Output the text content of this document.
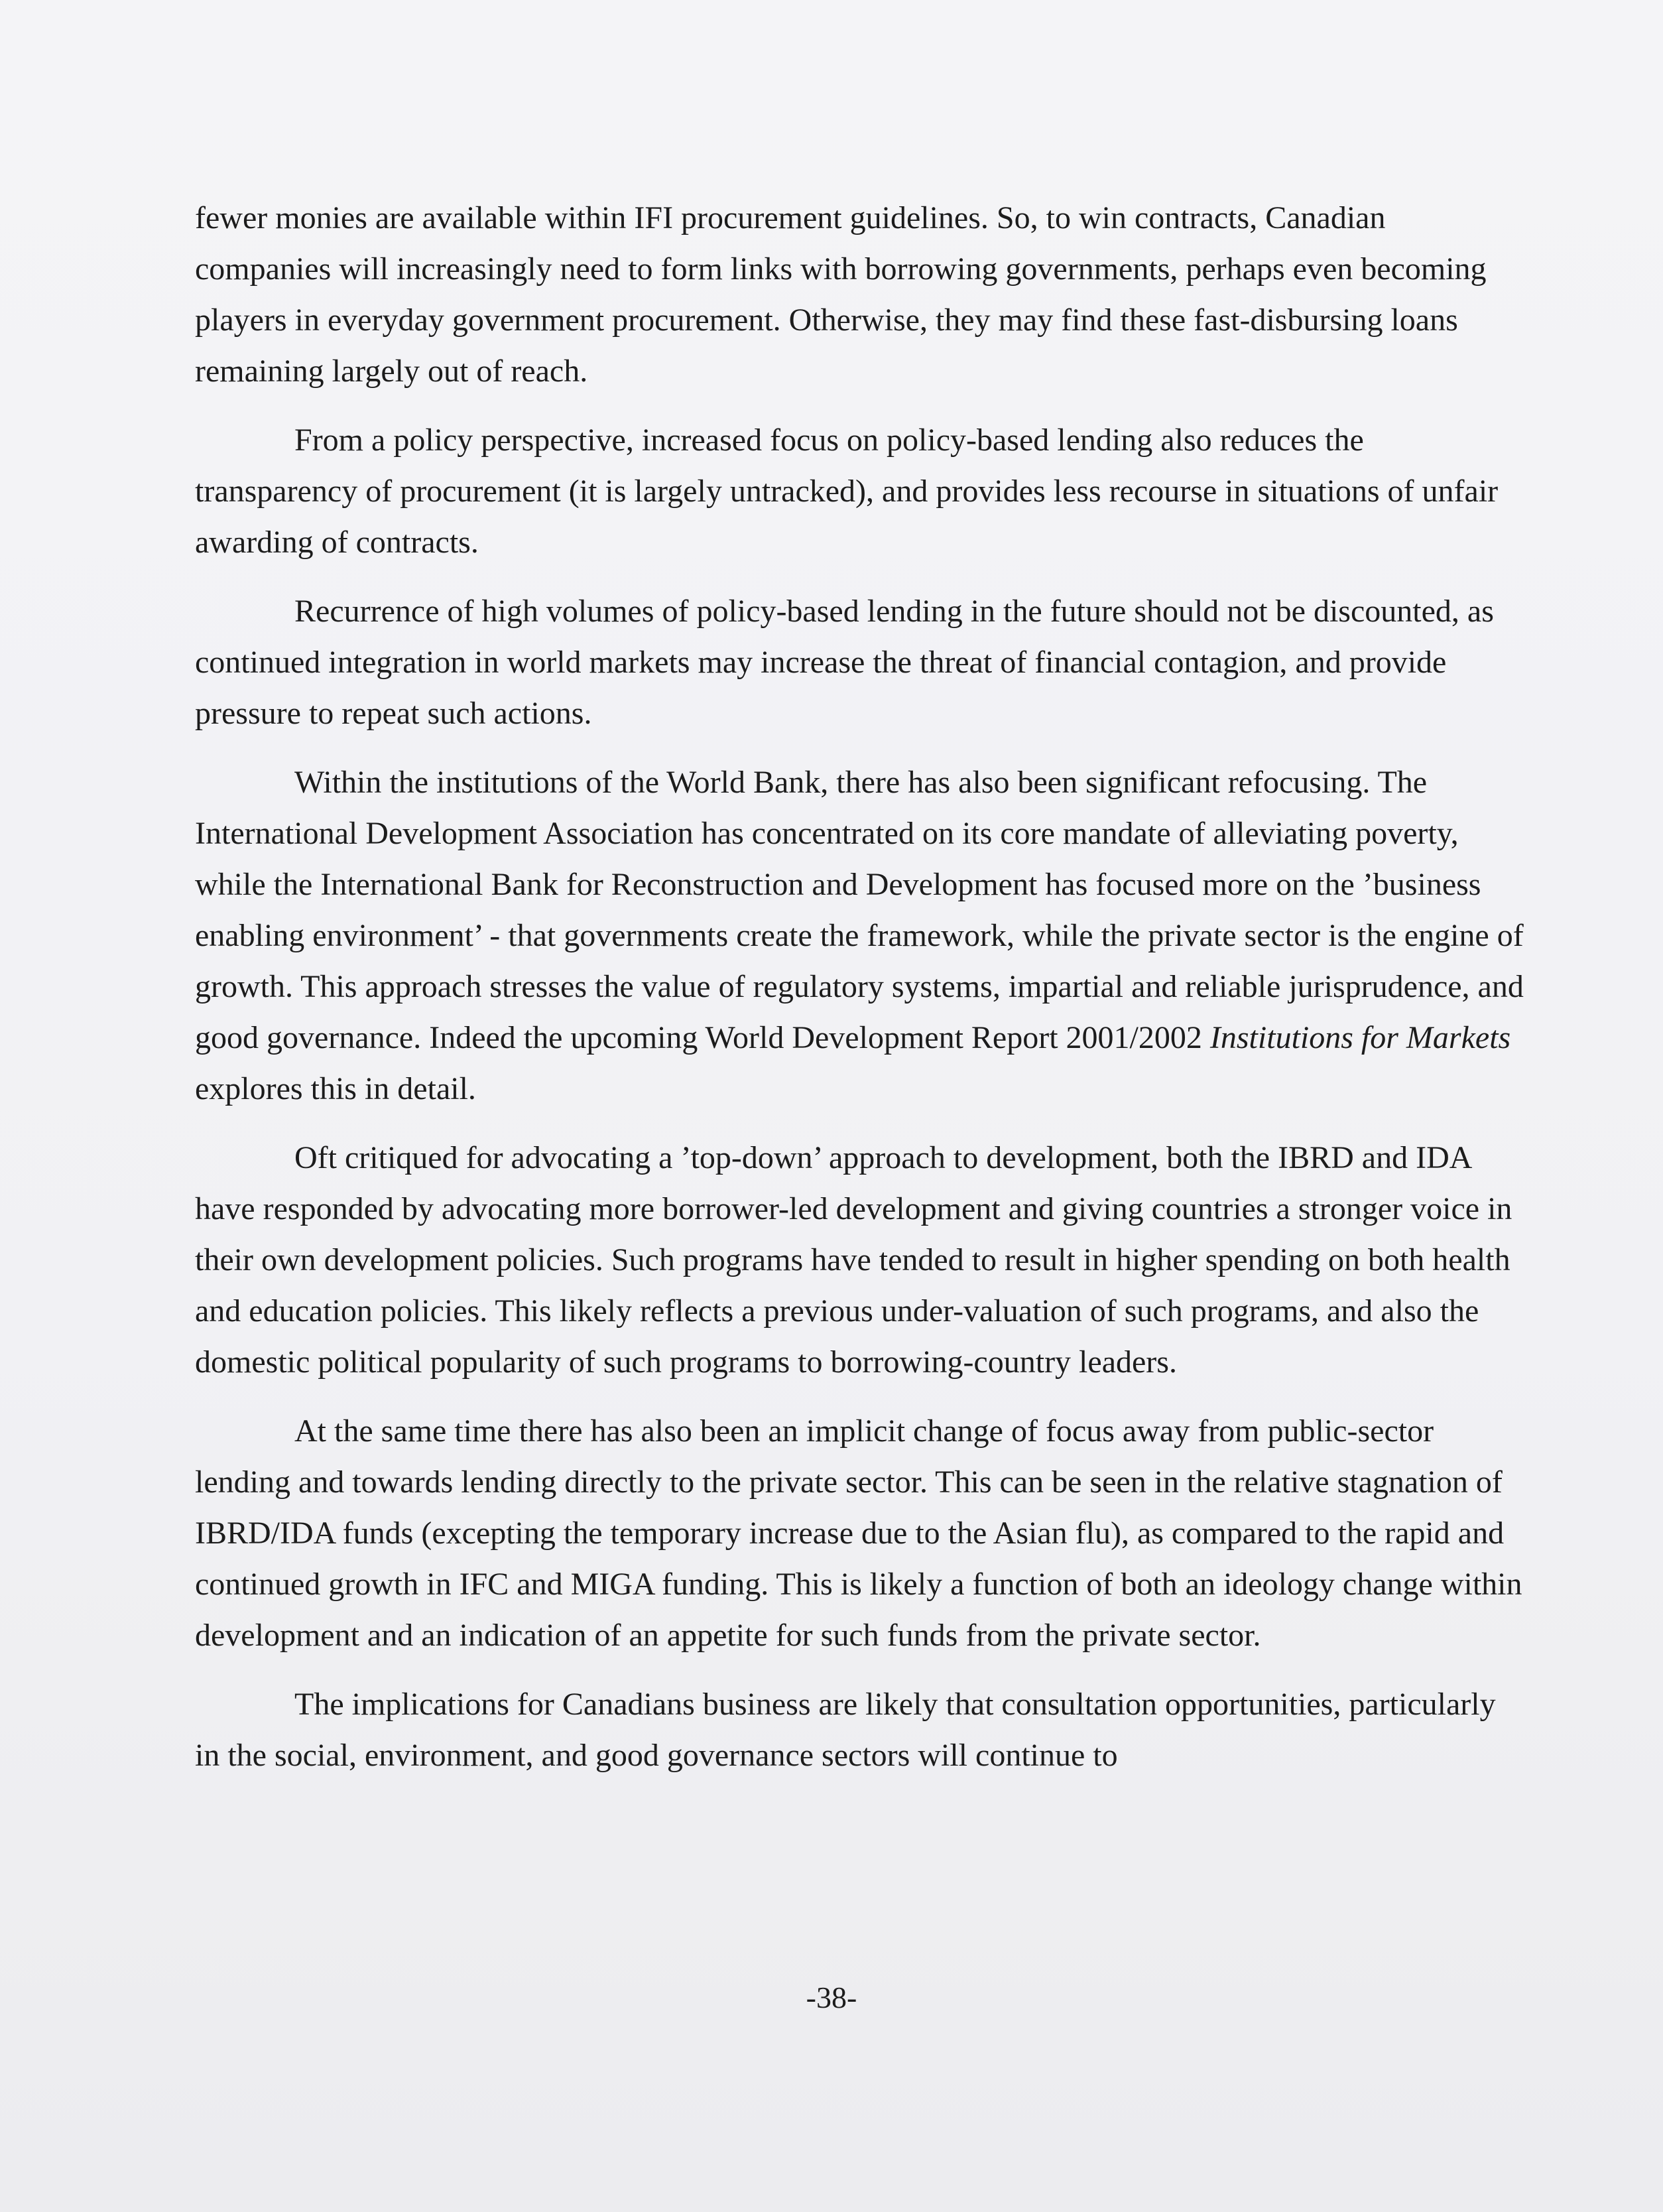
fewer monies are available within IFI procurement guidelines. So, to win contracts, Canadian companies will increasingly need to form links with borrowing governments, perhaps even becoming players in everyday government procurement. Otherwise, they may find these fast-disbursing loans remaining largely out of reach.

From a policy perspective, increased focus on policy-based lending also reduces the transparency of procurement (it is largely untracked), and provides less recourse in situations of unfair awarding of contracts.

Recurrence of high volumes of policy-based lending in the future should not be discounted, as continued integration in world markets may increase the threat of financial contagion, and provide pressure to repeat such actions.

Within the institutions of the World Bank, there has also been significant refocusing. The International Development Association has concentrated on its core mandate of alleviating poverty, while the International Bank for Reconstruction and Development has focused more on the ’business enabling environment’ - that governments create the framework, while the private sector is the engine of growth. This approach stresses the value of regulatory systems, impartial and reliable jurisprudence, and good governance. Indeed the upcoming World Development Report 2001/2002 Institutions for Markets explores this in detail.

Oft critiqued for advocating a ’top-down’ approach to development, both the IBRD and IDA have responded by advocating more borrower-led development and giving countries a stronger voice in their own development policies. Such programs have tended to result in higher spending on both health and education policies. This likely reflects a previous under-valuation of such programs, and also the domestic political popularity of such programs to borrowing-country leaders.

At the same time there has also been an implicit change of focus away from public-sector lending and towards lending directly to the private sector. This can be seen in the relative stagnation of IBRD/IDA funds (excepting the temporary increase due to the Asian flu), as compared to the rapid and continued growth in IFC and MIGA funding. This is likely a function of both an ideology change within development and an indication of an appetite for such funds from the private sector.

The implications for Canadians business are likely that consultation opportunities, particularly in the social, environment, and good governance sectors will continue to

-38-
